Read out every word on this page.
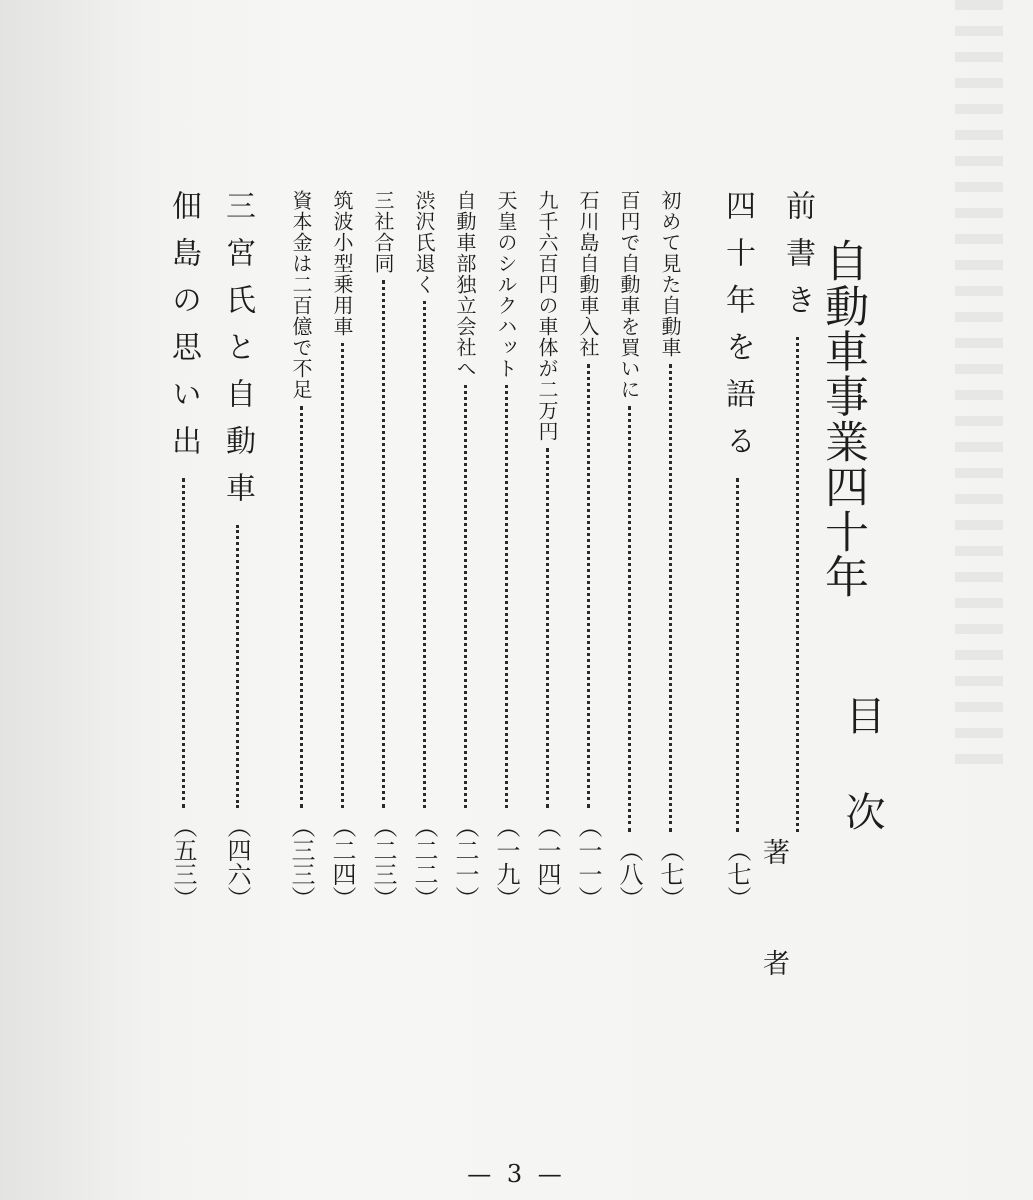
自動車事業四十年
目次
著者
前書き
四十年を語る
（七）
初めて見た自動車
（七）
百円で自動車を買いに
（八）
石川島自動車入社
（一一）
九千六百円の車体が二万円
（一四）
天皇のシルクハット
（一九）
自動車部独立会社へ
（二一）
渋沢氏退く
（二二）
三社合同
（二三）
筑波小型乗用車
（二四）
資本金は二百億で不足
（三三）
三宮氏と自動車
（四六）
佃島の思い出
（五三）
— 3 —
